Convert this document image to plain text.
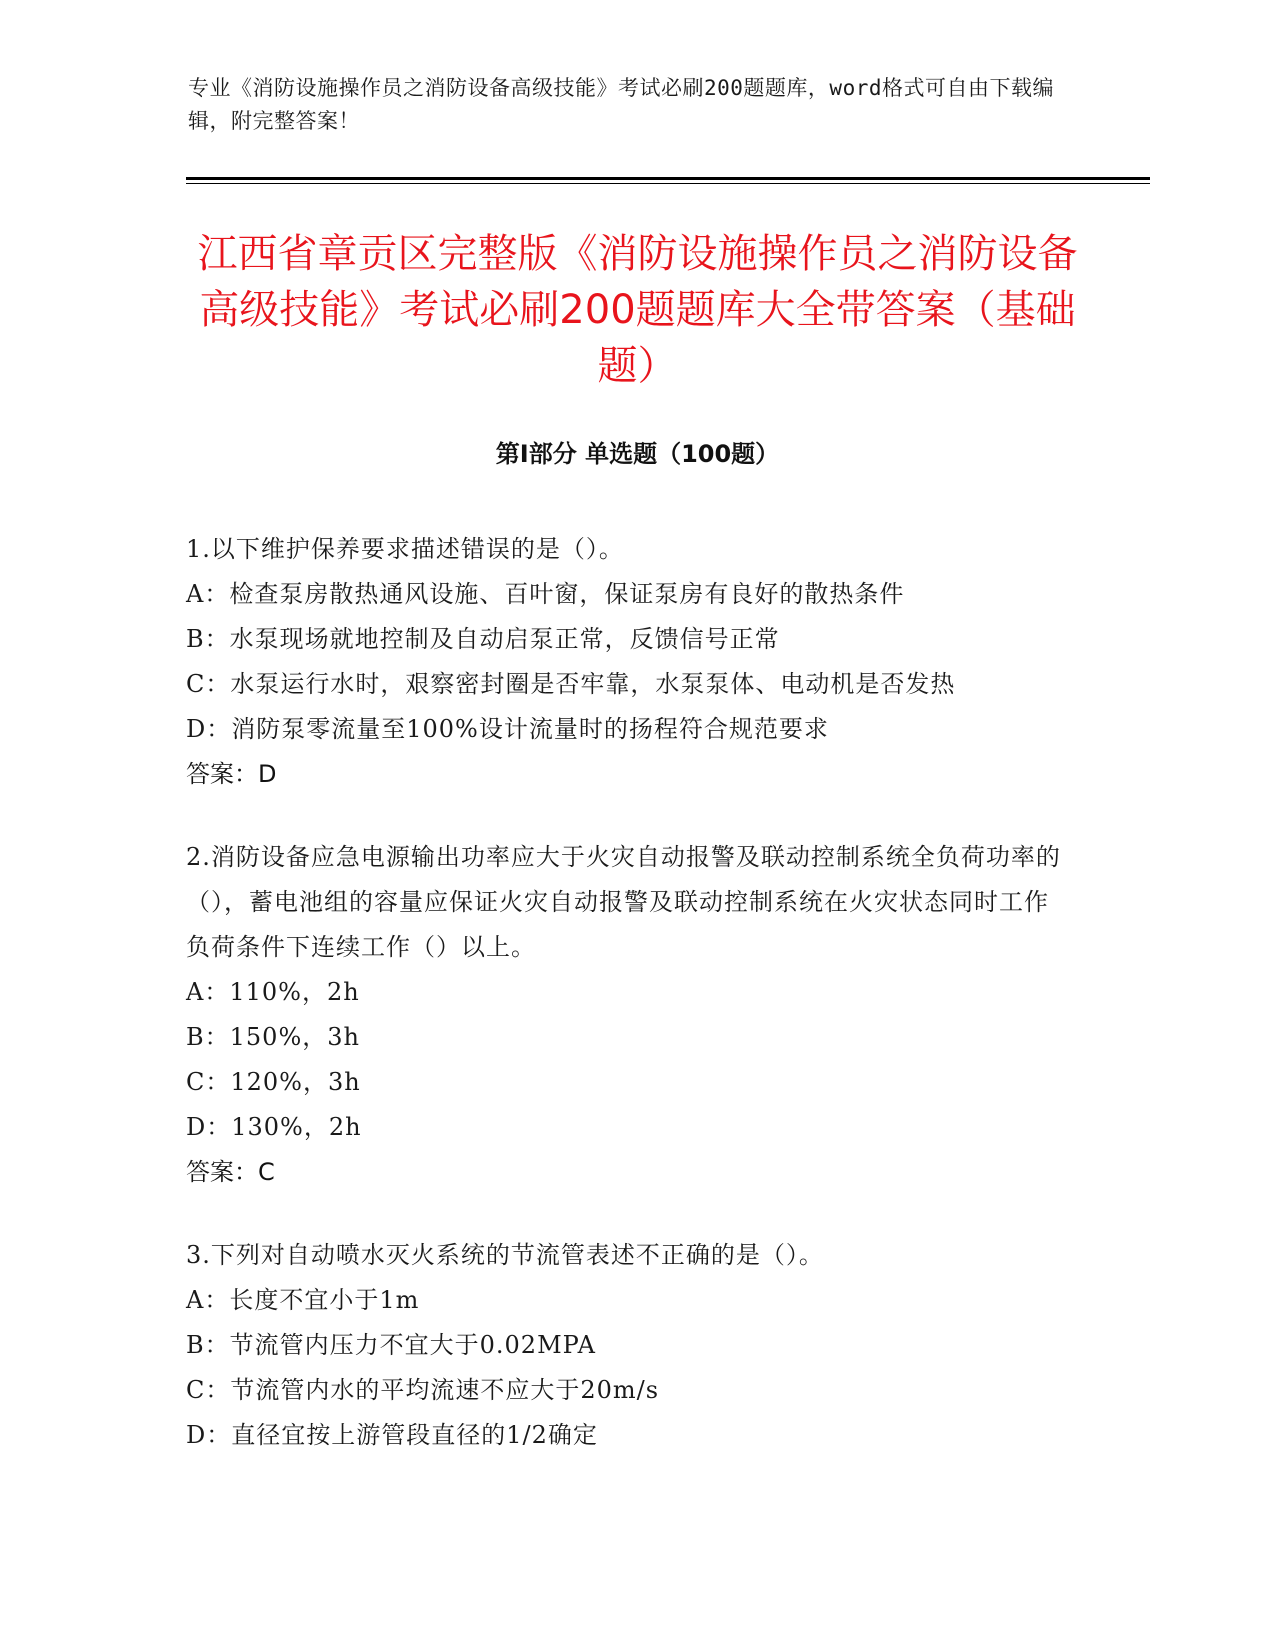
专业《消防设施操作员之消防设备高级技能》考试必刷200题题库，word格式可自由下载编辑，附完整答案！
江西省章贡区完整版《消防设施操作员之消防设备高级技能》考试必刷200题题库大全带答案（基础题）
第Ⅰ部分 单选题（100题）
1.以下维护保养要求描述错误的是（）。
A：检查泵房散热通风设施、百叶窗，保证泵房有良好的散热条件
B：水泵现场就地控制及自动启泵正常，反馈信号正常
C：水泵运行水时，艰察密封圈是否牢靠，水泵泵体、电动机是否发热
D：消防泵零流量至100%设计流量时的扬程符合规范要求
答案：D
2.消防设备应急电源输出功率应大于火灾自动报警及联动控制系统全负荷功率的（），蓄电池组的容量应保证火灾自动报警及联动控制系统在火灾状态同时工作负荷条件下连续工作（）以上。
A：110%，2h
B：150%，3h
C：120%，3h
D：130%，2h
答案：C
3.下列对自动喷水灭火系统的节流管表述不正确的是（）。
A：长度不宜小于1m
B：节流管内压力不宜大于0.02MPA
C：节流管内水的平均流速不应大于20m/s
D：直径宜按上游管段直径的1/2确定
